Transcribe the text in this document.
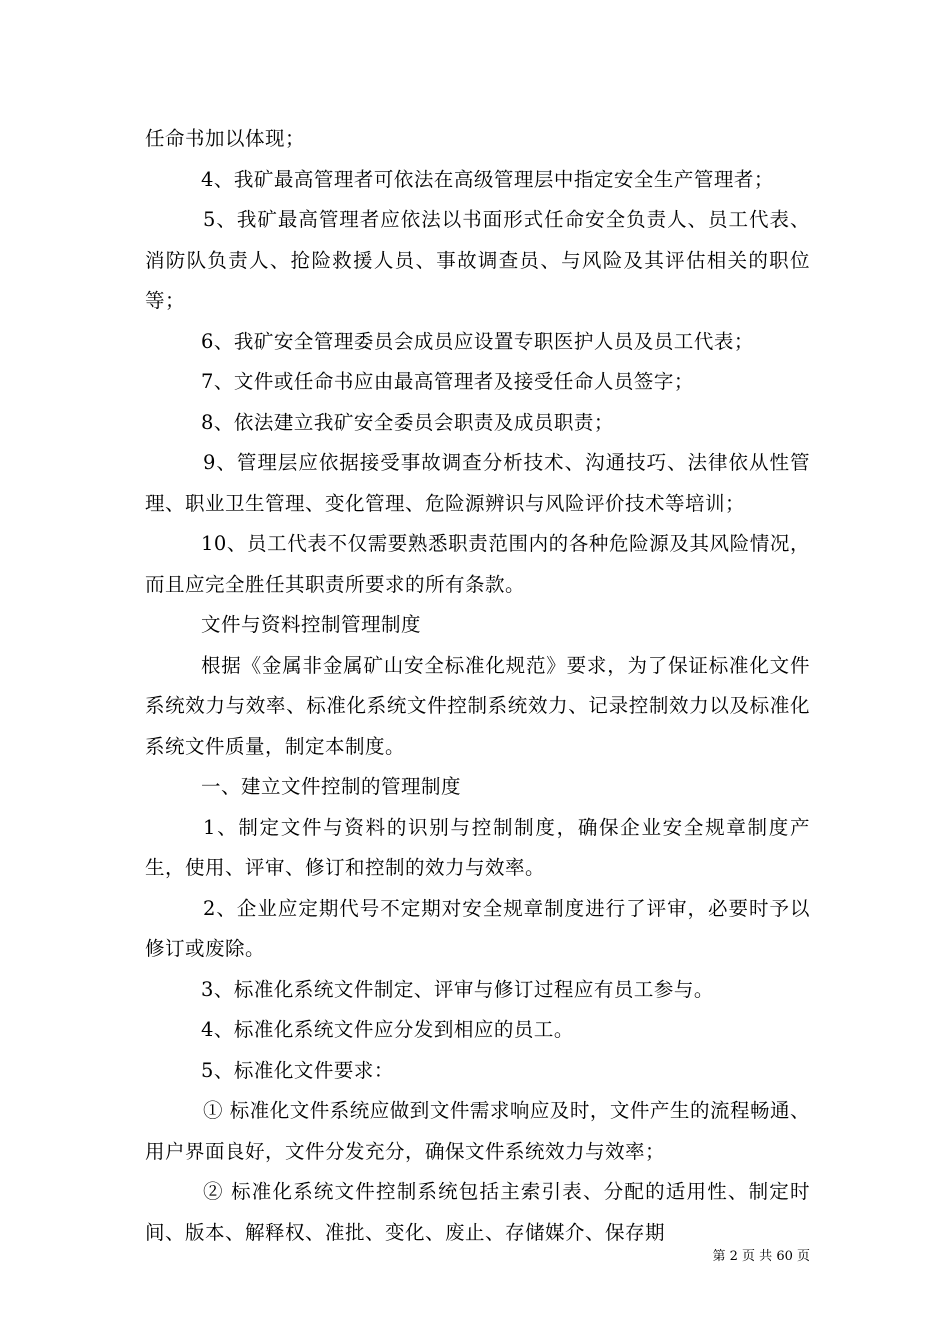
任命书加以体现；

4、我矿最高管理者可依法在高级管理层中指定安全生产管理者；

5、我矿最高管理者应依法以书面形式任命安全负责人、员工代表、消防队负责人、抢险救援人员、事故调查员、与风险及其评估相关的职位等；

6、我矿安全管理委员会成员应设置专职医护人员及员工代表；

7、文件或任命书应由最高管理者及接受任命人员签字；

8、依法建立我矿安全委员会职责及成员职责；

9、管理层应依据接受事故调查分析技术、沟通技巧、法律依从性管理、职业卫生管理、变化管理、危险源辨识与风险评价技术等培训；

10、员工代表不仅需要熟悉职责范围内的各种危险源及其风险情况，而且应完全胜任其职责所要求的所有条款。

文件与资料控制管理制度

根据《金属非金属矿山安全标准化规范》要求，为了保证标准化文件系统效力与效率、标准化系统文件控制系统效力、记录控制效力以及标准化系统文件质量，制定本制度。

一、建立文件控制的管理制度

1、制定文件与资料的识别与控制制度，确保企业安全规章制度产生，使用、评审、修订和控制的效力与效率。

2、企业应定期代号不定期对安全规章制度进行了评审，必要时予以修订或废除。

3、标准化系统文件制定、评审与修订过程应有员工参与。

4、标准化系统文件应分发到相应的员工。

5、标准化文件要求：

① 标准化文件系统应做到文件需求响应及时，文件产生的流程畅通、用户界面良好，文件分发充分，确保文件系统效力与效率；

② 标准化系统文件控制系统包括主索引表、分配的适用性、制定时间、版本、解释权、准批、变化、废止、存储媒介、保存期

第 2 页 共 60 页
